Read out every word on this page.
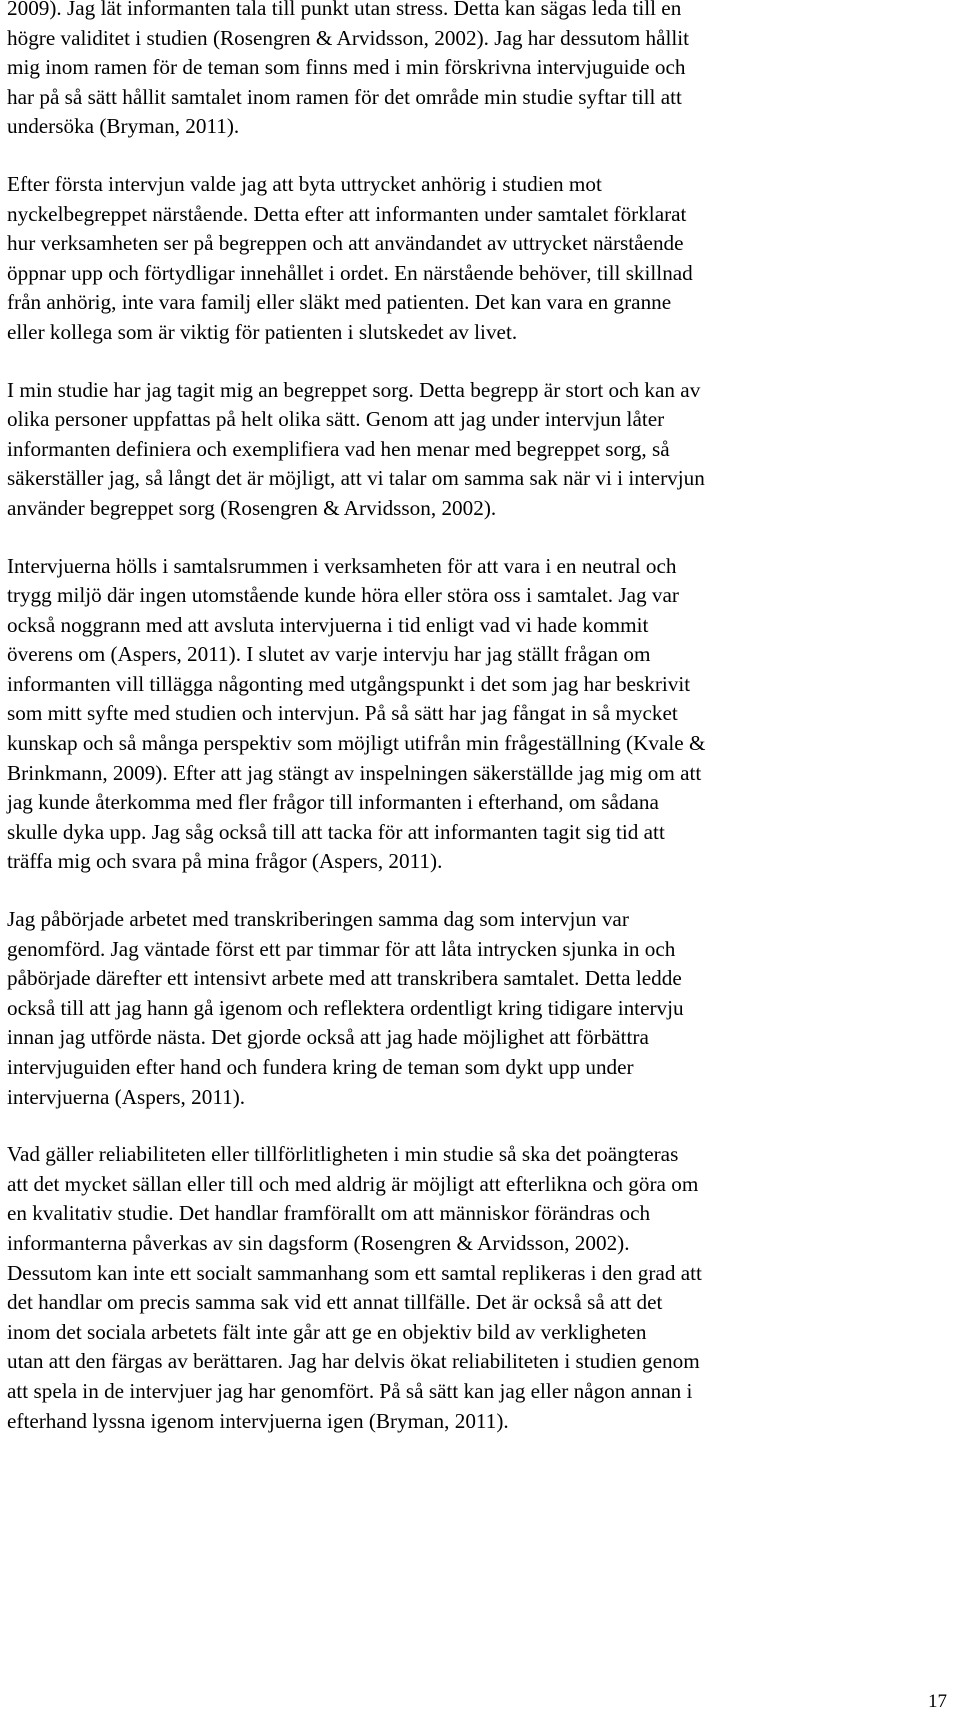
2009). Jag lät informanten tala till punkt utan stress. Detta kan sägas leda till en
högre validitet i studien (Rosengren & Arvidsson, 2002). Jag har dessutom hållit
mig inom ramen för de teman som finns med i min förskrivna intervjuguide och
har på så sätt hållit samtalet inom ramen för det område min studie syftar till att
undersöka (Bryman, 2011).

Efter första intervjun valde jag att byta uttrycket anhörig i studien mot
nyckelbegreppet närstående. Detta efter att informanten under samtalet förklarat
hur verksamheten ser på begreppen och att användandet av uttrycket närstående
öppnar upp och förtydligar innehållet i ordet. En närstående behöver, till skillnad
från anhörig, inte vara familj eller släkt med patienten. Det kan vara en granne
eller kollega som är viktig för patienten i slutskedet av livet.

I min studie har jag tagit mig an begreppet sorg. Detta begrepp är stort och kan av
olika personer uppfattas på helt olika sätt. Genom att jag under intervjun låter
informanten definiera och exemplifiera vad hen menar med begreppet sorg, så
säkerställer jag, så långt det är möjligt, att vi talar om samma sak när vi i intervjun
använder begreppet sorg (Rosengren & Arvidsson, 2002).

Intervjuerna hölls i samtalsrummen i verksamheten för att vara i en neutral och
trygg miljö där ingen utomstående kunde höra eller störa oss i samtalet. Jag var
också noggrann med att avsluta intervjuerna i tid enligt vad vi hade kommit
överens om (Aspers, 2011). I slutet av varje intervju har jag ställt frågan om
informanten vill tillägga någonting med utgångspunkt i det som jag har beskrivit
som mitt syfte med studien och intervjun. På så sätt har jag fångat in så mycket
kunskap och så många perspektiv som möjligt utifrån min frågeställning (Kvale &
Brinkmann, 2009). Efter att jag stängt av inspelningen säkerställde jag mig om att
jag kunde återkomma med fler frågor till informanten i efterhand, om sådana
skulle dyka upp. Jag såg också till att tacka för att informanten tagit sig tid att
träffa mig och svara på mina frågor (Aspers, 2011).

Jag påbörjade arbetet med transkriberingen samma dag som intervjun var
genomförd. Jag väntade först ett par timmar för att låta intrycken sjunka in och
påbörjade därefter ett intensivt arbete med att transkribera samtalet. Detta ledde
också till att jag hann gå igenom och reflektera ordentligt kring tidigare intervju
innan jag utförde nästa. Det gjorde också att jag hade möjlighet att förbättra
intervjuguiden efter hand och fundera kring de teman som dykt upp under
intervjuerna (Aspers, 2011).

Vad gäller reliabiliteten eller tillförlitligheten i min studie så ska det poängteras
att det mycket sällan eller till och med aldrig är möjligt att efterlikna och göra om
en kvalitativ studie. Det handlar framförallt om att människor förändras och
informanterna påverkas av sin dagsform (Rosengren & Arvidsson, 2002).
Dessutom kan inte ett socialt sammanhang som ett samtal replikeras i den grad att
det handlar om precis samma sak vid ett annat tillfälle. Det är också så att det
inom det sociala arbetets fält inte går att ge en objektiv bild av verkligheten
utan att den färgas av berättaren. Jag har delvis ökat reliabiliteten i studien genom
att spela in de intervjuer jag har genomfört. På så sätt kan jag eller någon annan i
efterhand lyssna igenom intervjuerna igen (Bryman, 2011).

17
